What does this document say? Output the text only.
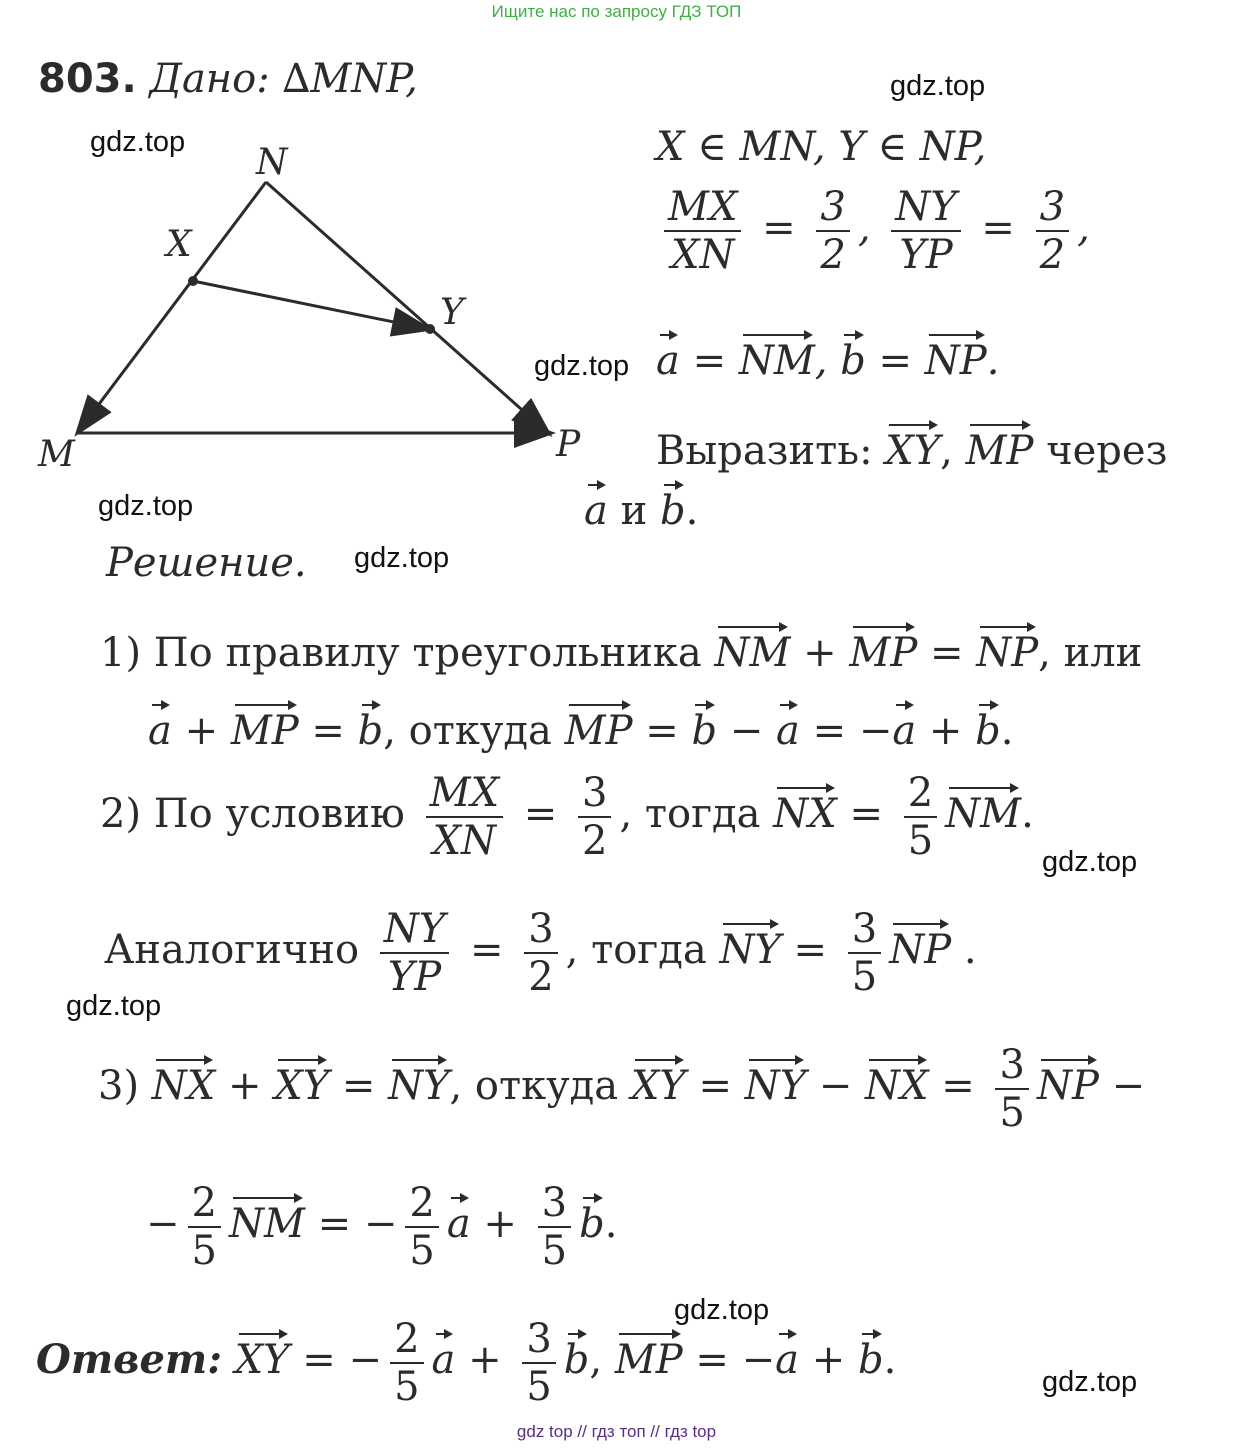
Ищите нас по запросу ГДЗ ТОП
gdz.top
gdz.top
gdz.top
gdz.top
gdz.top
gdz.top
gdz.top
gdz.top
gdz.top
803. Дано: ∆MNP,
N
X
Y
M	P
X ∈ MN, Y ∈ NP,
$\frac{MX}{XN} = \frac{3}{2}$ , $\frac{NY}{YP} = \frac{3}{2}$ ,
a = NM, b = NP.
Выразить: XY, MP через
a и b.
Решение.
1) По правилу треугольника NM + MP = NP, или
a + MP = b, откуда MP = b − a = −a + b.
2) По условию $\frac{MX}{XN} = \frac{3}{2}$ , тогда NX = $\frac{2}{5}$ NM.
Аналогично $\frac{NY}{YP} = \frac{3}{2}$ , тогда NY = $\frac{3}{5}$ NP .
3) NX + XY = NY, откуда XY = NY − NX = $\frac{3}{5}$ NP −
− $\frac{2}{5}$ NM = − $\frac{2}{5}$ $a + \frac{3}{5} b$.
Ответ: XY = − $\frac{2}{5}$ $a + \frac{3}{5} b$, MP = −a + b.
gdz top // гдз топ // гдз top
